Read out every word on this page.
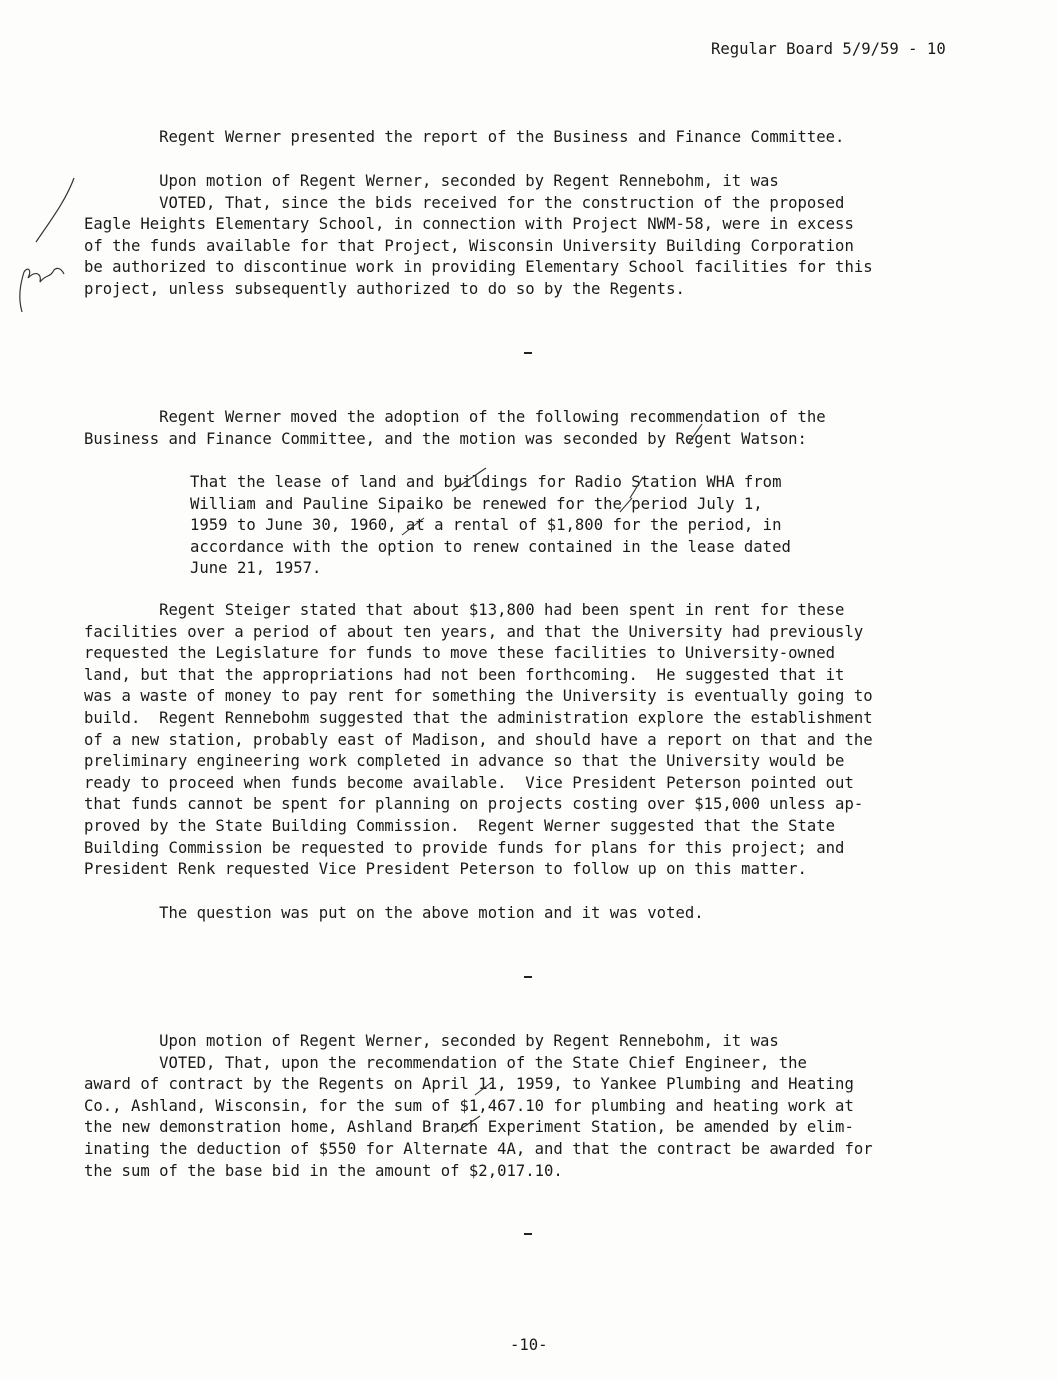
Regular Board 5/9/59 - 10
Regent Werner presented the report of the Business and Finance Committee.
Upon motion of Regent Werner, seconded by Regent Rennebohm, it was
VOTED, That, since the bids received for the construction of the proposed
Eagle Heights Elementary School, in connection with Project NWM-58, were in excess
of the funds available for that Project, Wisconsin University Building Corporation
be authorized to discontinue work in providing Elementary School facilities for this
project, unless subsequently authorized to do so by the Regents.
Regent Werner moved the adoption of the following recommendation of the
Business and Finance Committee, and the motion was seconded by Regent Watson:
That the lease of land and buildings for Radio Station WHA from
William and Pauline Sipaiko be renewed for the period July 1,
1959 to June 30, 1960, at a rental of $1,800 for the period, in
accordance with the option to renew contained in the lease dated
June 21, 1957.
Regent Steiger stated that about $13,800 had been spent in rent for these
facilities over a period of about ten years, and that the University had previously
requested the Legislature for funds to move these facilities to University-owned
land, but that the appropriations had not been forthcoming.  He suggested that it
was a waste of money to pay rent for something the University is eventually going to
build.  Regent Rennebohm suggested that the administration explore the establishment
of a new station, probably east of Madison, and should have a report on that and the
preliminary engineering work completed in advance so that the University would be
ready to proceed when funds become available.  Vice President Peterson pointed out
that funds cannot be spent for planning on projects costing over $15,000 unless ap-
proved by the State Building Commission.  Regent Werner suggested that the State
Building Commission be requested to provide funds for plans for this project; and
President Renk requested Vice President Peterson to follow up on this matter.
The question was put on the above motion and it was voted.
Upon motion of Regent Werner, seconded by Regent Rennebohm, it was
VOTED, That, upon the recommendation of the State Chief Engineer, the
award of contract by the Regents on April 11, 1959, to Yankee Plumbing and Heating
Co., Ashland, Wisconsin, for the sum of $1,467.10 for plumbing and heating work at
the new demonstration home, Ashland Branch Experiment Station, be amended by elim-
inating the deduction of $550 for Alternate 4A, and that the contract be awarded for
the sum of the base bid in the amount of $2,017.10.
-10-
